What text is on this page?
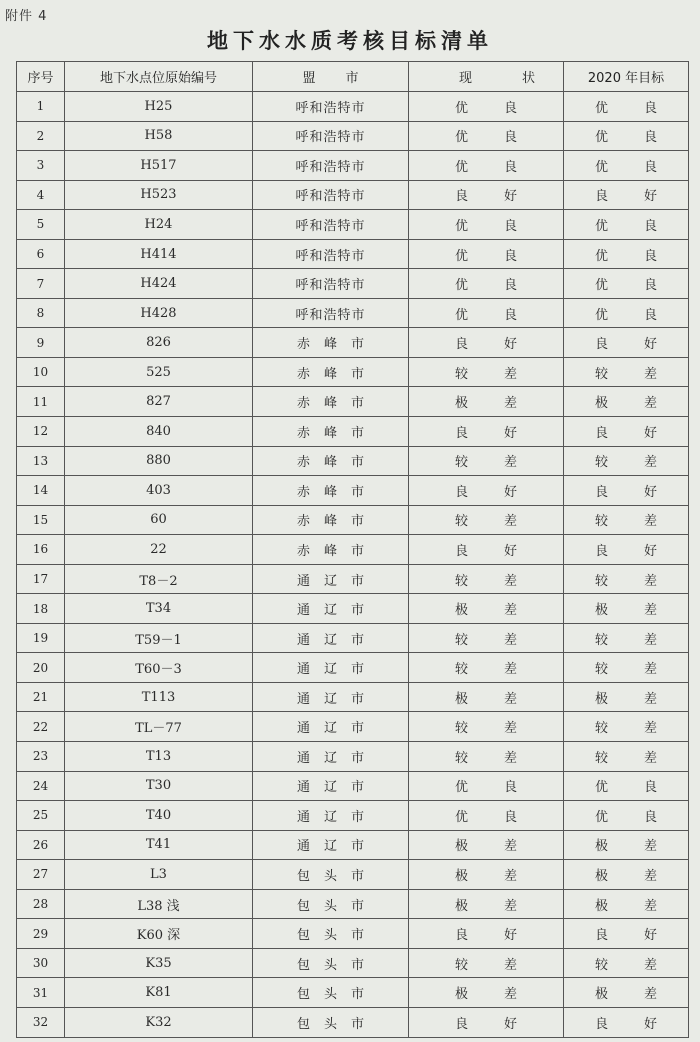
附件 4
地下水水质考核目标清单
序号	地下水点位原始编号	盟市	现状	2020 年目标
1	H25	呼和浩特市	优 良	优 良

2	H58	呼和浩特市	优 良	优 良

3	H517	呼和浩特市	优 良	优 良

4	H523	呼和浩特市	良 好	良 好

5	H24	呼和浩特市	优 良	优 良

6	H414	呼和浩特市	优 良	优 良

7	H424	呼和浩特市	优 良	优 良

8	H428	呼和浩特市	优 良	优 良

9	826	赤峰市	良 好	良 好

10	525	赤峰市	较 差	较 差

11	827	赤峰市	极 差	极 差

12	840	赤峰市	良 好	良 好

13	880	赤峰市	较 差	较 差

14	403	赤峰市	良 好	良 好

15	60	赤峰市	较 差	较 差

16	22	赤峰市	良 好	良 好

17	T8－2	通辽市	较 差	较 差

18	T34	通辽市	极 差	极 差

19	T59－1	通辽市	较 差	较 差

20	T60－3	通辽市	较 差	较 差

21	T113	通辽市	极 差	极 差

22	TL－77	通辽市	较 差	较 差

23	T13	通辽市	较 差	较 差

24	T30	通辽市	优 良	优 良

25	T40	通辽市	优 良	优 良

26	T41	通辽市	极 差	极 差

27	L3	包头市	极 差	极 差

28	L38 浅	包头市	极 差	极 差

29	K60 深	包头市	良 好	良 好

30	K35	包头市	较 差	较 差

31	K81	包头市	极 差	极 差

32	K32	包头市	良 好	良 好
